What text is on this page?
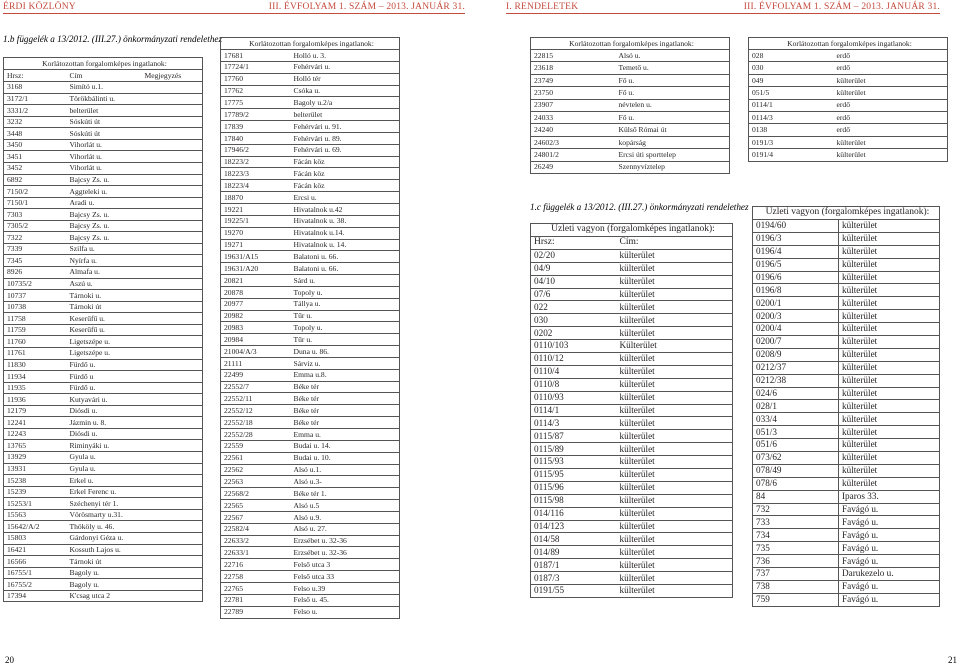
ÉRDI KÖZLÖNY	III. ÉVFOLYAM 1. SZÁM – 2013. JANUÁR 31.
1.b függelék a 13/2012. (III.27.) önkormányzati rendelethez
Korlátozottan forgalomképes ingatlanok:		
Hrsz:	Cím	Megjegyzés
3168	Simító u.1.	
3172/1	Törökbálinti u.	
3331/2	belterület	
3232	Sóskúti út	
3448	Sóskúti út	
3450	Vihorlát u.	
3451	Vihorlát u.	
3452	Vihorlát u.	
6892	Bajcsy Zs. u.	
7150/2	Aggteleki u.	
7150/1	Aradi u.	
7303	Bajcsy Zs. u.	
7305/2	Bajcsy Zs. u.	
7322	Bajcsy Zs. u.	
7339	Szilfa u.	
7345	Nyírfa u.	
8926	Almafa u.	
10735/2	Aszú u.	
10737	Tárnoki u.	
10738	Tárnoki út	
11758	Keserűfű u.	
11759	Keserűfű u.	
11760	Ligetszépe u.	
11761	Ligetszépe u.	
11830	Fürdő u.	
11934	Fürdő u	
11935	Fürdő u.	
11936	Kutyavári u.	
12179	Diósdi u.	
12241	Jázmin u. 8.	
12243	Diósdi u.	
13765	Riminyáki u.	
13929	Gyula u.	
13931	Gyula u.	
15238	Erkel u.	
15239	Erkel Ferenc u.	
15253/1	Széchenyi tér 1.	
15563	Vörösmarty u.31.	
15642/A/2	Thököly u. 46.	
15803	Gárdonyi Géza u.	
16421	Kossuth Lajos u.	
16566	Tárnoki út	
16755/1	Bagoly u.	
16755/2	Bagoly u.	
17394	K'csag utca 2	
Korlátozottan forgalomképes ingatlanok:	
17681	Holló u. 3.
17724/1	Fehérvári u.
17760	Holló tér
17762	Csóka u.
17775	Bagoly u.2/a
17789/2	belterület
17839	Fehérvári u. 91.
17840	Fehérvári u. 89.
17946/2	Fehérvári u. 69.
18223/2	Fácán köz
18223/3	Fácán köz
18223/4	Fácán köz
18870	Ercsi u.
19221	Hivatalnok u.42
19225/1	Hivatalnok u. 38.
19270	Hivatalnok u.14.
19271	Hivatalnok u. 14.
19631/A15	Balatoni u. 66.
19631/A20	Balatoni u. 66.
20821	Sárd u.
20878	Topoly u.
20977	Tállya u.
20982	Tűr u.
20983	Topoly u.
20984	Tűr u.
21004/A/3	Duna u. 86.
21111	Sárviz u.
22499	Emma u.8.
22552/7	Béke tér
22552/11	Béke tér
22552/12	Béke tér
22552/18	Béke tér
22552/28	Emma u.
22559	Budai u. 14.
22561	Budai u. 10.
22562	Alsó u.1.
22563	Alsó u.3-
22568/2	Béke tér 1.
22565	Alsó u.5
22567	Alsó u.9.
22582/4	Alsó u. 27.
22633/2	Erzsébet u. 32-36
22633/1	Erzsébet u. 32-36
22716	Felső utca 3
22758	Felső utca 33
22765	Felso u.39
22781	Felső u. 45.
22789	Felso u.
20
I. RENDELETEK	III. ÉVFOLYAM 1. SZÁM – 2013. JANUÁR 31.
Korlátozottan forgalomképes ingatlanok:	
22815	Alsó u.
23618	Temető u.
23749	Fő u.
23750	Fő u.
23907	névtelen u.
24033	Fő u.
24240	Külső Római út
24602/3	kopárság
24801/2	Ercsi úti sporttelep
26249	Szennyvíztelep
Korlátozottan forgalomképes ingatlanok:	
028	erdő
030	erdő
049	külterület
051/5	külterület
0114/1	erdő
0114/3	erdő
0138	erdő
0191/3	külterület
0191/4	külterület
1.c függelék a 13/2012. (III.27.) önkormányzati rendelethez
Üzleti vagyon (forgalomképes ingatlanok):	
Hrsz:	Cím:
02/20	külterület
04/9	külterület
04/10	külterület
07/6	külterület
022	külterület
030	külterület
0202	külterület
0110/103	Külterület
0110/12	külterület
0110/4	külterület
0110/8	külterület
0110/93	külterület
0114/1	külterület
0114/3	külterület
0115/87	külterület
0115/89	külterület
0115/93	külterület
0115/95	külterület
0115/96	külterület
0115/98	külterület
014/116	külterület
014/123	külterület
014/58	külterület
014/89	külterület
0187/1	külterület
0187/3	külterület
0191/55	külterület
Üzleti vagyon (forgalomképes ingatlanok):	
0194/60	külterület
0196/3	külterület
0196/4	külterület
0196/5	külterület
0196/6	külterület
0196/8	külterület
0200/1	külterület
0200/3	külterület
0200/4	külterület
0200/7	külterület
0208/9	külterület
0212/37	külterület
0212/38	külterület
024/6	külterület
028/1	külterület
033/4	külterület
051/3	külterület
051/6	külterület
073/62	külterület
078/49	külterület
078/6	külterület
84	Iparos 33.
732	Favágó u.
733	Favágó u.
734	Favágó u.
735	Favágó u.
736	Favágó u.
737	Darukezelo u.
738	Favágó u.
759	Favágó u.
21
